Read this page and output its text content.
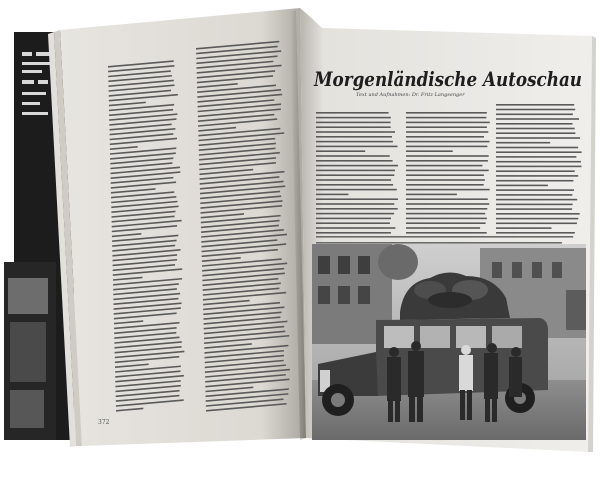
372
Morgenländische Autoschau
Text und Aufnahmen: Dr. Fritz Langsenger
